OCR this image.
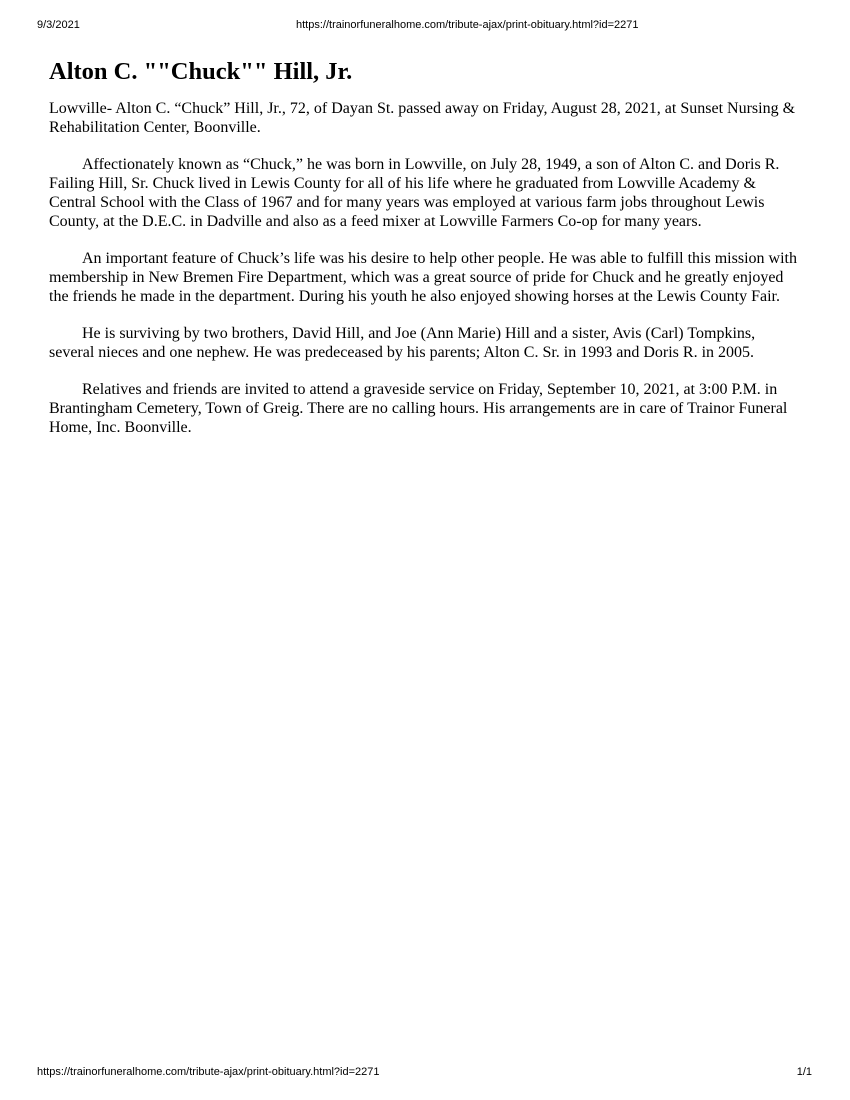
9/3/2021	https://trainorfuneralhome.com/tribute-ajax/print-obituary.html?id=2271
Alton C. ""Chuck"" Hill, Jr.

Lowville- Alton C. “Chuck” Hill, Jr., 72, of Dayan St. passed away on Friday, August 28, 2021, at Sunset Nursing & Rehabilitation Center, Boonville.

Affectionately known as “Chuck,” he was born in Lowville, on July 28, 1949, a son of Alton C. and Doris R. Failing Hill, Sr. Chuck lived in Lewis County for all of his life where he graduated from Lowville Academy & Central School with the Class of 1967 and for many years was employed at various farm jobs throughout Lewis County, at the D.E.C. in Dadville and also as a feed mixer at Lowville Farmers Co-op for many years.

An important feature of Chuck’s life was his desire to help other people. He was able to fulfill this mission with membership in New Bremen Fire Department, which was a great source of pride for Chuck and he greatly enjoyed the friends he made in the department. During his youth he also enjoyed showing horses at the Lewis County Fair.

He is surviving by two brothers, David Hill, and Joe (Ann Marie) Hill and a sister, Avis (Carl) Tompkins, several nieces and one nephew. He was predeceased by his parents; Alton C. Sr. in 1993 and Doris R. in 2005.

Relatives and friends are invited to attend a graveside service on Friday, September 10, 2021, at 3:00 P.M. in Brantingham Cemetery, Town of Greig. There are no calling hours. His arrangements are in care of Trainor Funeral Home, Inc. Boonville.

https://trainorfuneralhome.com/tribute-ajax/print-obituary.html?id=2271	1/1
